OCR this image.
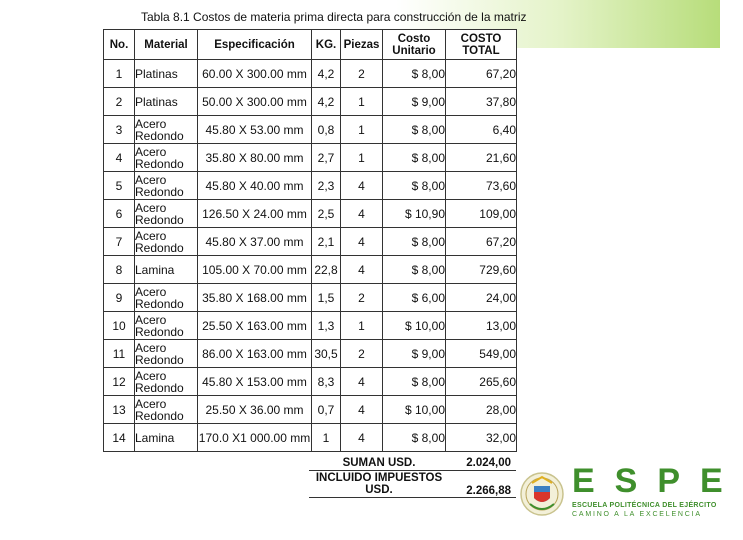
Tabla 8.1 Costos de materia prima directa para construcción de la matriz
No.	Material	Especificación	KG.	Piezas	Costo Unitario	COSTO TOTAL
1	Platinas	60.00 X 300.00 mm	4,2	2	$ 8,00	67,20
2	Platinas	50.00 X 300.00 mm	4,2	1	$ 9,00	37,80
3	Acero Redondo	45.80 X 53.00 mm	0,8	1	$ 8,00	6,40
4	Acero Redondo	35.80 X 80.00 mm	2,7	1	$ 8,00	21,60
5	Acero Redondo	45.80 X 40.00 mm	2,3	4	$ 8,00	73,60
6	Acero Redondo	126.50 X 24.00 mm	2,5	4	$ 10,90	109,00
7	Acero Redondo	45.80 X 37.00 mm	2,1	4	$ 8,00	67,20
8	Lamina	105.00 X 70.00 mm	22,8	4	$ 8,00	729,60
9	Acero Redondo	35.80 X 168.00 mm	1,5	2	$ 6,00	24,00
10	Acero Redondo	25.50 X 163.00 mm	1,3	1	$ 10,00	13,00
11	Acero Redondo	86.00 X 163.00 mm	30,5	2	$ 9,00	549,00
12	Acero Redondo	45.80 X 153.00 mm	8,3	4	$ 8,00	265,60
13	Acero Redondo	25.50 X 36.00 mm	0,7	4	$ 10,00	28,00
14	Lamina	170.0 X1 000.00 mm	1	4	$ 8,00	32,00
SUMAN USD.	2.024,00
INCLUIDO IMPUESTOS USD.	2.266,88 ESPE
ESCUELA POLITÉCNICA DEL EJÉRCITO
CAMINO A LA EXCELENCIA
